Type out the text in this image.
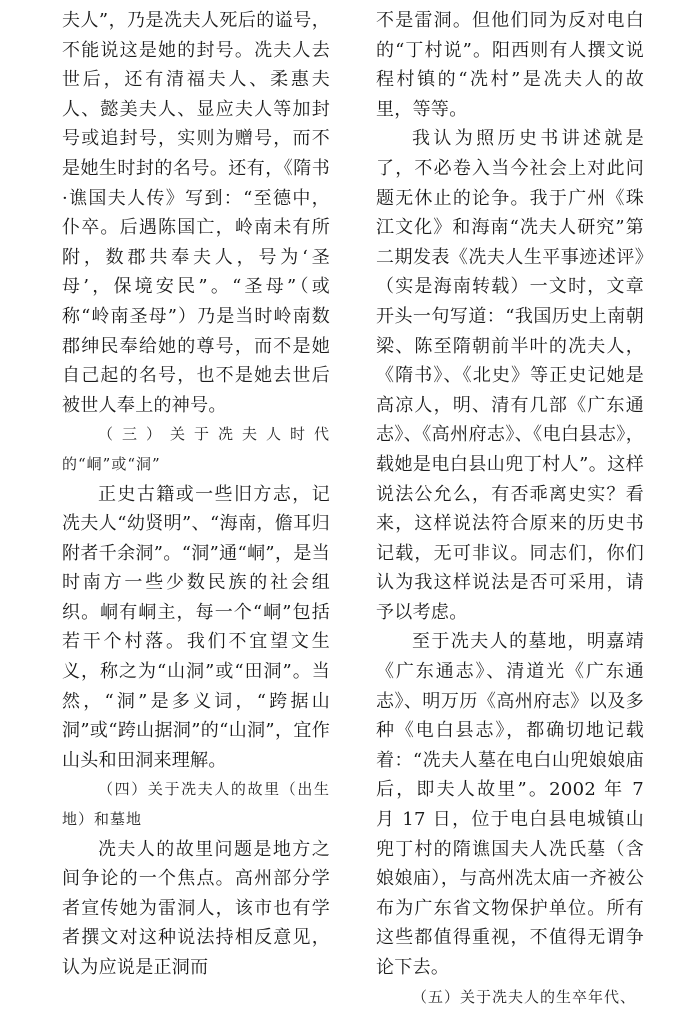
夫人”，乃是冼夫人死后的谥号，不能说这是她的封号。冼夫人去世后，还有清福夫人、柔惠夫人、懿美夫人、显应夫人等加封号或追封号，实则为赠号，而不是她生时封的名号。还有，《隋书·谯国夫人传》写到：“至德中，仆卒。后遇陈国亡，岭南未有所附，数郡共奉夫人，号为‘圣母’，保境安民”。“圣母”（或称“岭南圣母”）乃是当时岭南数郡绅民奉给她的尊号，而不是她自己起的名号，也不是她去世后被世人奉上的神号。

（三）关于冼夫人时代的“峒”或“洞”

正史古籍或一些旧方志，记冼夫人“幼贤明”、“海南，儋耳归附者千余洞”。“洞”通“峒”，是当时南方一些少数民族的社会组织。峒有峒主，每一个“峒”包括若干个村落。我们不宜望文生义，称之为“山洞”或“田洞”。当然，“洞”是多义词，“跨据山洞”或“跨山据洞”的“山洞”，宜作山头和田洞来理解。

（四）关于冼夫人的故里（出生地）和墓地

冼夫人的故里问题是地方之间争论的一个焦点。高州部分学者宣传她为雷洞人，该市也有学者撰文对这种说法持相反意见，认为应说是正洞而

不是雷洞。但他们同为反对电白的“丁村说”。阳西则有人撰文说程村镇的“冼村”是冼夫人的故里，等等。

我认为照历史书讲述就是了，不必卷入当今社会上对此问题无休止的论争。我于广州《珠江文化》和海南“冼夫人研究”第二期发表《冼夫人生平事迹述评》（实是海南转载）一文时，文章开头一句写道：“我国历史上南朝梁、陈至隋朝前半叶的冼夫人，《隋书》、《北史》等正史记她是高凉人，明、清有几部《广东通志》、《高州府志》、《电白县志》，载她是电白县山兜丁村人”。这样说法公允么，有否乖离史实？看来，这样说法符合原来的历史书记载，无可非议。同志们，你们 认为我这样说法是否可采用，请予以考虑。

至于冼夫人的墓地，明嘉靖《广东通志》、清道光《广东通志》、明万历《高州府志》以及多种《电白县志》，都确切地记载着：“冼夫人墓在电白山兜娘娘庙后，即夫人故里”。2002 年 7 月 17 日，位于电白县电城镇山兜丁村的隋谯国夫人冼氏墓（含娘娘庙），与高州冼太庙一齐被公布为广东省文物保护单位。所有这些都值得重视，不值得无谓争论下去。

（五）关于冼夫人的生卒年代、
